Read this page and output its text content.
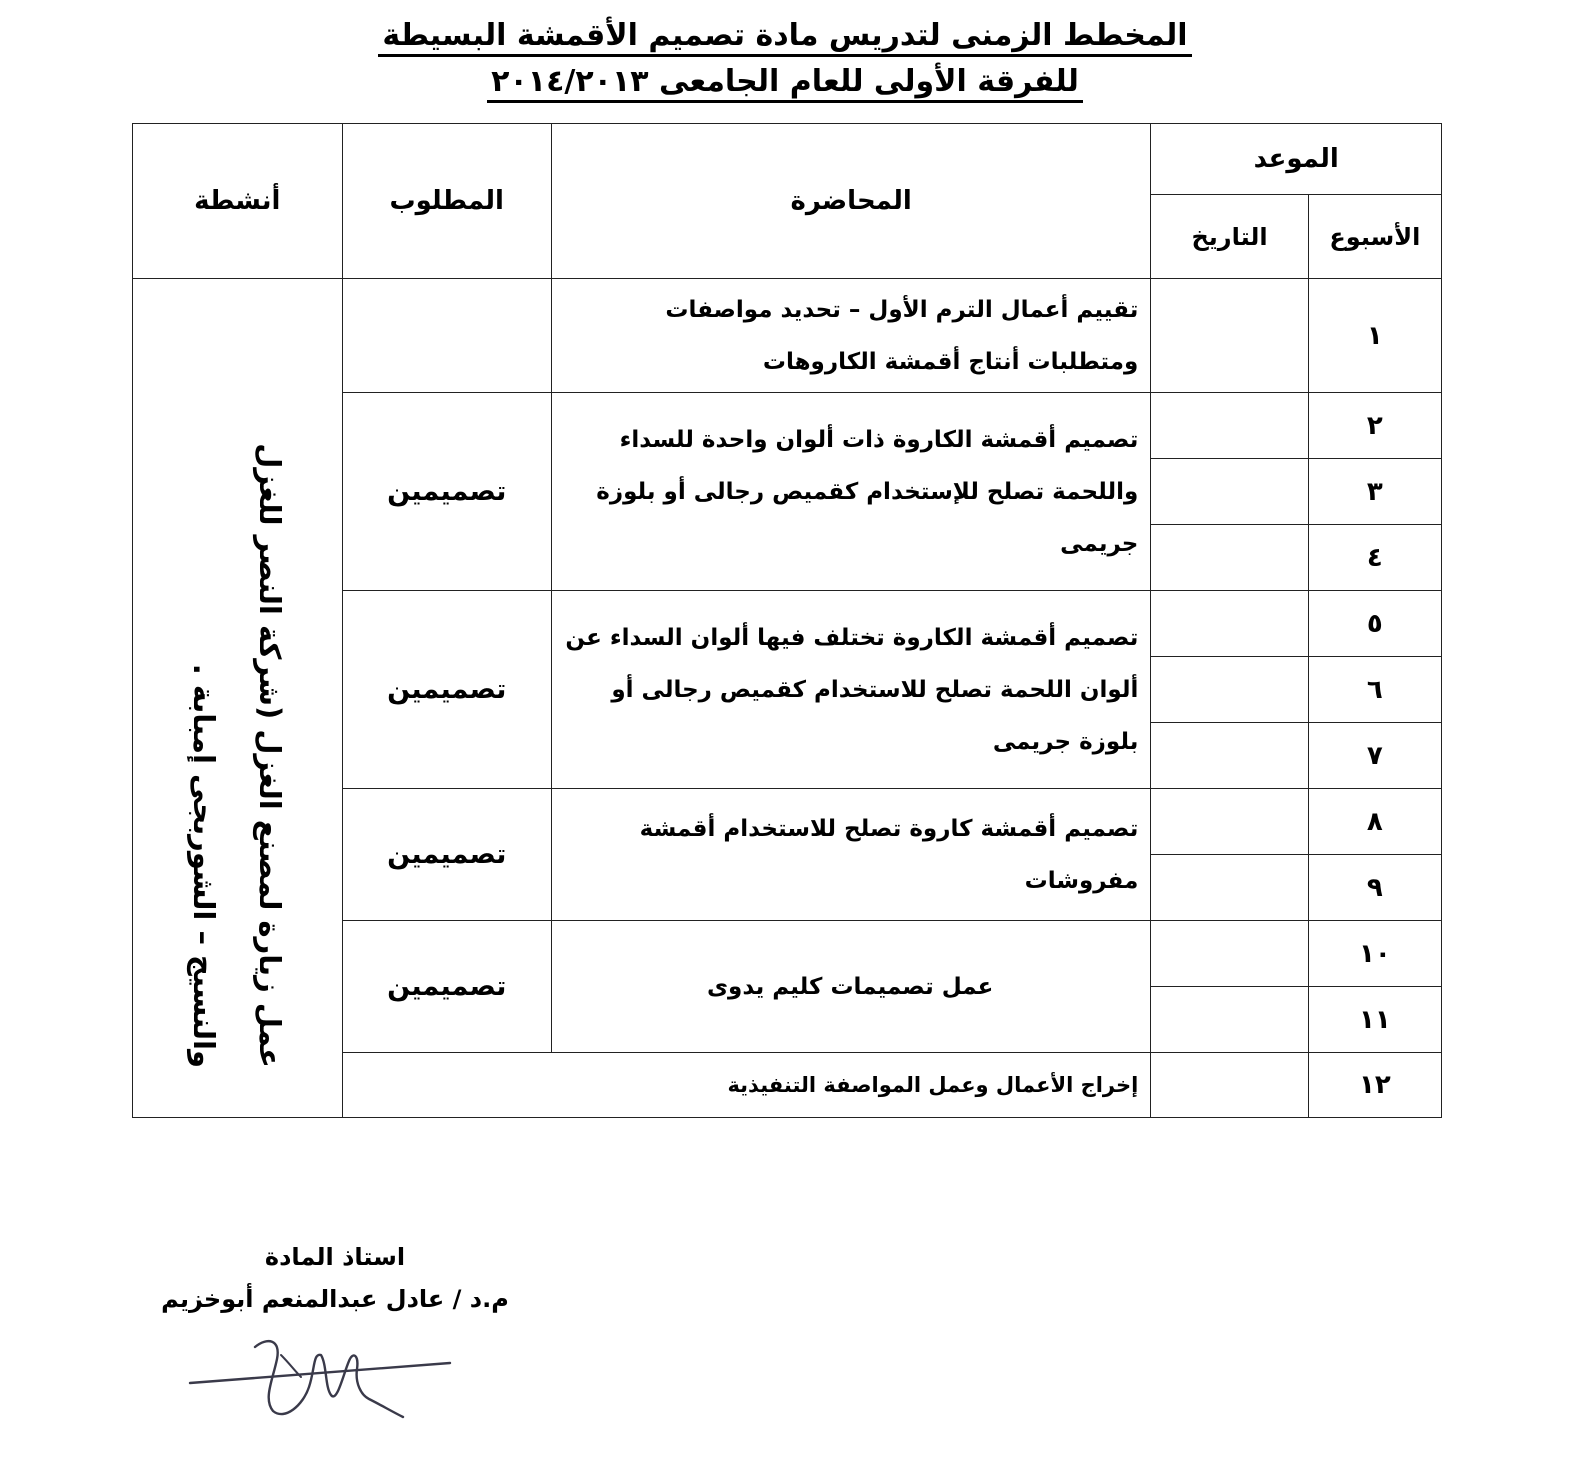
المخطط الزمنى لتدريس مادة تصميم الأقمشة البسيطة
للفرقة الأولى للعام الجامعى ٢٠١٤/٢٠١٣
الموعد		المحاضرة	المطلوب	أنشطة
الأسبوع	التاريخ			
١		تقييم أعمال الترم الأول – تحديد مواصفات ومتطلبات أنتاج أقمشة الكاروهات		عمل زيارة لمصنع الغزل (شركة النصر للغزل والنسيج – الشوربجى إمبابة .

٢		تصميم أقمشة الكاروة ذات ألوان واحدة للسداء واللحمة تصلح للإستخدام كقميص رجالى أو بلوزة جريمى	تصميمين	
٣				
٤				
٥		تصميم أقمشة الكاروة تختلف فيها ألوان السداء عن ألوان اللحمة تصلح للاستخدام كقميص رجالى أو بلوزة جريمى	تصميمين	
٦				
٧				
٨		تصميم أقمشة كاروة تصلح للاستخدام أقمشة مفروشات	تصميمين	
٩				
١٠		عمل تصميمات كليم يدوى	تصميمين	
١١				
١٢		إخراج الأعمال وعمل المواصفة التنفيذية		
استاذ المادة
م.د / عادل عبدالمنعم أبوخزيم
